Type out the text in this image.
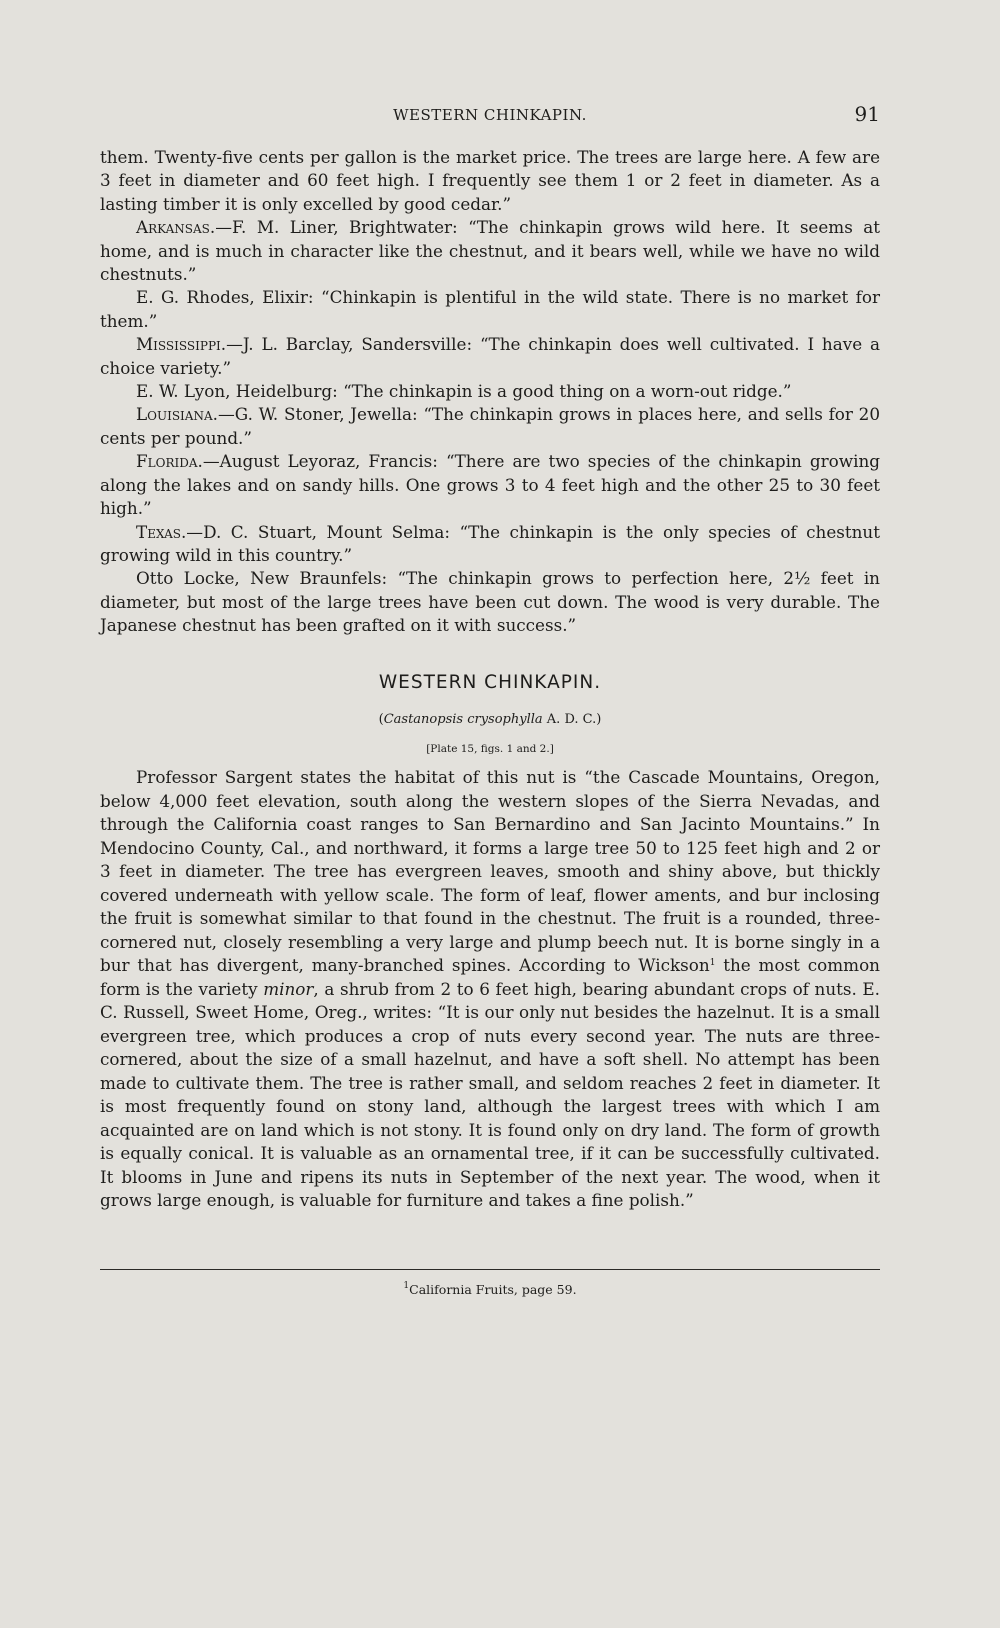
WESTERN CHINKAPIN.	91

them. Twenty-five cents per gallon is the market price. The trees are large here. A few are 3 feet in diameter and 60 feet high. I frequently see them 1 or 2 feet in diameter. As a lasting timber it is only excelled by good cedar.”

Arkansas.—F. M. Liner, Brightwater: “The chinkapin grows wild here. It seems at home, and is much in character like the chestnut, and it bears well, while we have no wild chestnuts.”

E. G. Rhodes, Elixir: “Chinkapin is plentiful in the wild state. There is no market for them.”

Mississippi.—J. L. Barclay, Sandersville: “The chinkapin does well cultivated. I have a choice variety.”

E. W. Lyon, Heidelburg: “The chinkapin is a good thing on a worn-out ridge.”

Louisiana.—G. W. Stoner, Jewella: “The chinkapin grows in places here, and sells for 20 cents per pound.”

Florida.—August Leyoraz, Francis: “There are two species of the chinkapin growing along the lakes and on sandy hills. One grows 3 to 4 feet high and the other 25 to 30 feet high.”

Texas.—D. C. Stuart, Mount Selma: “The chinkapin is the only species of chestnut growing wild in this country.”

Otto Locke, New Braunfels: “The chinkapin grows to perfection here, 2½ feet in diameter, but most of the large trees have been cut down. The wood is very durable. The Japanese chestnut has been grafted on it with success.”

WESTERN CHINKAPIN.
(Castanopsis crysophylla A. D. C.)
[Plate 15, figs. 1 and 2.]

Professor Sargent states the habitat of this nut is “the Cascade Mountains, Oregon, below 4,000 feet elevation, south along the western slopes of the Sierra Nevadas, and through the California coast ranges to San Bernardino and San Jacinto Mountains.” In Mendocino County, Cal., and northward, it forms a large tree 50 to 125 feet high and 2 or 3 feet in diameter. The tree has evergreen leaves, smooth and shiny above, but thickly covered underneath with yellow scale. The form of leaf, flower aments, and bur inclosing the fruit is somewhat similar to that found in the chestnut. The fruit is a rounded, three-cornered nut, closely resembling a very large and plump beech nut. It is borne singly in a bur that has divergent, many-branched spines. According to Wickson$^1$ the most common form is the variety minor, a shrub from 2 to 6 feet high, bearing abundant crops of nuts. E. C. Russell, Sweet Home, Oreg., writes: “It is our only nut besides the hazelnut. It is a small evergreen tree, which produces a crop of nuts every second year. The nuts are three-cornered, about the size of a small hazelnut, and have a soft shell. No attempt has been made to cultivate them. The tree is rather small, and seldom reaches 2 feet in diameter. It is most frequently found on stony land, although the largest trees with which I am acquainted are on land which is not stony. It is found only on dry land. The form of growth is equally conical. It is valuable as an ornamental tree, if it can be successfully cultivated. It blooms in June and ripens its nuts in September of the next year. The wood, when it grows large enough, is valuable for furniture and takes a fine polish.”

$^1$California Fruits, page 59.
